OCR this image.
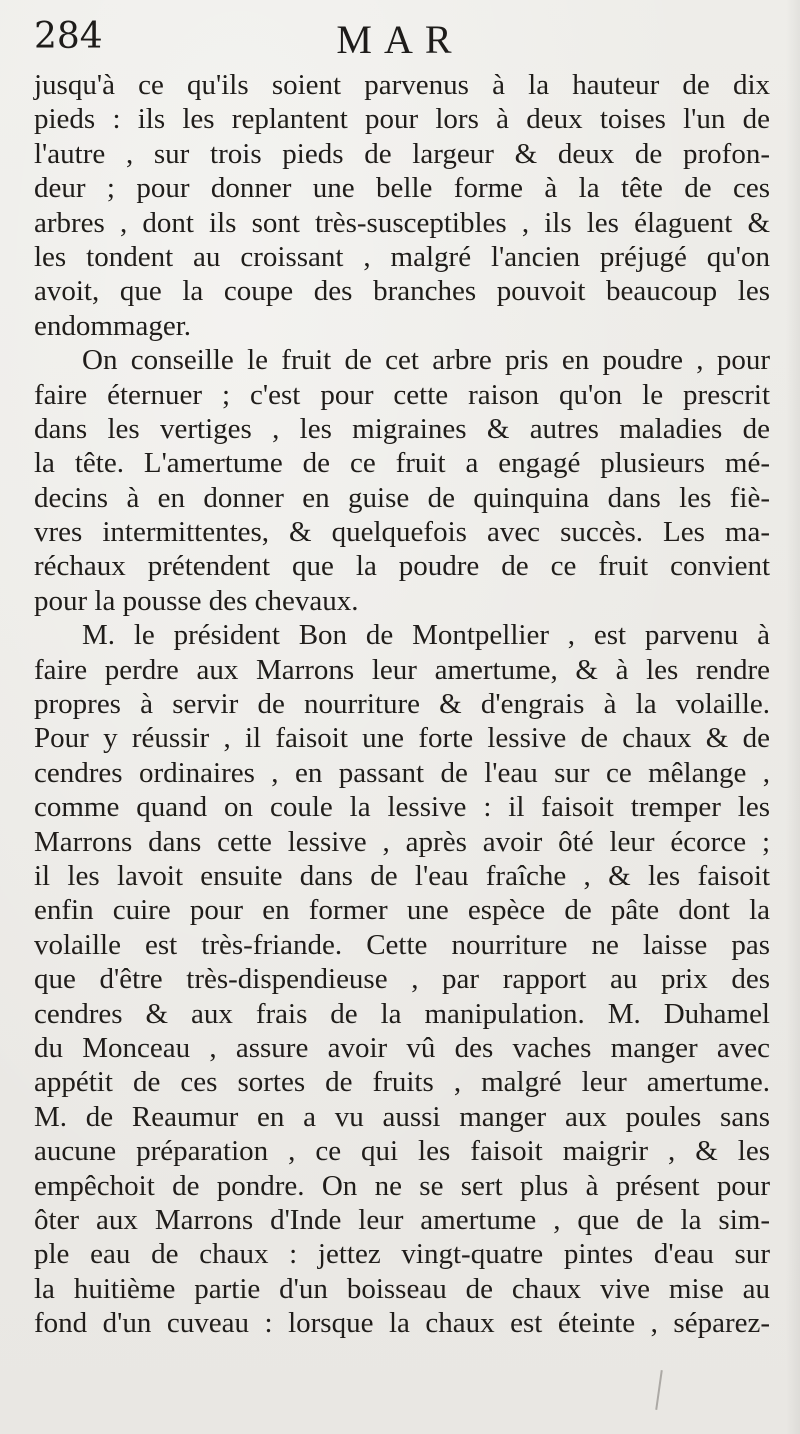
284	MAR
jusqu'à ce qu'ils soient parvenus à la hauteur de dix
pieds : ils les replantent pour lors à deux toises l'un de
l'autre , sur trois pieds de largeur & deux de profon-
deur ; pour donner une belle forme à la tête de ces
arbres , dont ils sont très-susceptibles , ils les élaguent &
les tondent au croissant , malgré l'ancien préjugé qu'on
avoit, que la coupe des branches pouvoit beaucoup les
endommager.
On conseille le fruit de cet arbre pris en poudre , pour
faire éternuer ; c'est pour cette raison qu'on le prescrit
dans les vertiges , les migraines & autres maladies de
la tête. L'amertume de ce fruit a engagé plusieurs mé-
decins à en donner en guise de quinquina dans les fiè-
vres intermittentes, & quelquefois avec succès. Les ma-
réchaux prétendent que la poudre de ce fruit convient
pour la pousse des chevaux.
M. le président Bon de Montpellier , est parvenu à
faire perdre aux Marrons leur amertume, & à les rendre
propres à servir de nourriture & d'engrais à la volaille.
Pour y réussir , il faisoit une forte lessive de chaux & de
cendres ordinaires , en passant de l'eau sur ce mêlange ,
comme quand on coule la lessive : il faisoit tremper les
Marrons dans cette lessive , après avoir ôté leur écorce ;
il les lavoit ensuite dans de l'eau fraîche , & les faisoit
enfin cuire pour en former une espèce de pâte dont la
volaille est très-friande. Cette nourriture ne laisse pas
que d'être très-dispendieuse , par rapport au prix des
cendres & aux frais de la manipulation. M. Duhamel
du Monceau , assure avoir vû des vaches manger avec
appétit de ces sortes de fruits , malgré leur amertume.
M. de Reaumur en a vu aussi manger aux poules sans
aucune préparation , ce qui les faisoit maigrir , & les
empêchoit de pondre. On ne se sert plus à présent pour
ôter aux Marrons d'Inde leur amertume , que de la sim-
ple eau de chaux : jettez vingt-quatre pintes d'eau sur
la huitième partie d'un boisseau de chaux vive mise au
fond d'un cuveau : lorsque la chaux est éteinte , séparez-
